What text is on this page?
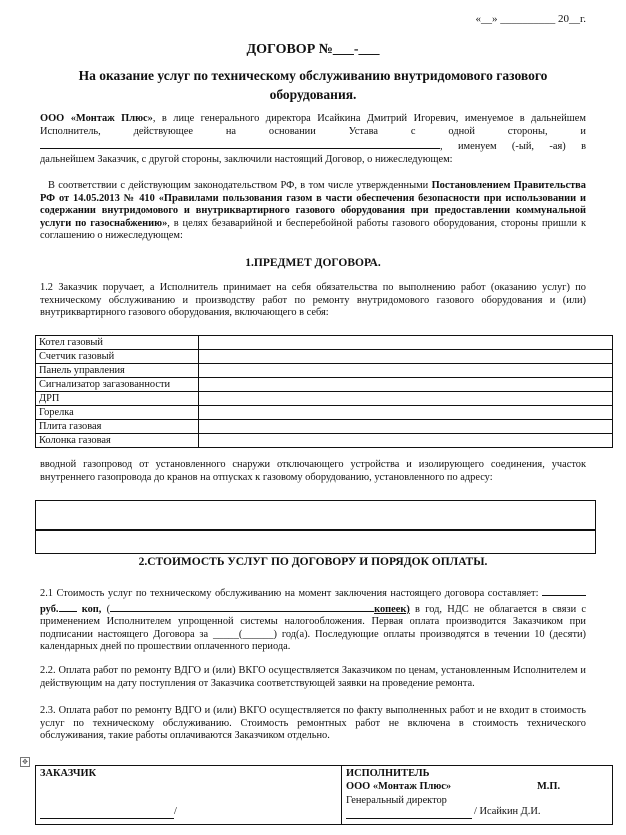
«__» __________ 20__г.
ДОГОВОР №___-___
На оказание услуг по техническому обслуживанию внутридомового газового оборудования.
ООО «Монтаж Плюс», в лице генерального директора Исайкина Дмитрий Игоревич, именуемое в дальнейшем Исполнитель, действующее на основании Устава с одной стороны, и , именуем (-ый, -ая) в дальнейшем Заказчик, с другой стороны, заключили настоящий Договор, о нижеследующем:
В соответствии с действующим законодательством РФ, в том числе утвержденными Постановлением Правительства РФ от 14.05.2013 № 410 «Правилами пользования газом в части обеспечения безопасности при использовании и содержании внутридомового и внутриквартирного газового оборудования при предоставлении коммунальной услуги по газоснабжению», в целях безаварийной и бесперебойной работы газового оборудования, стороны пришли к соглашению о нижеследующем:
1.ПРЕДМЕТ ДОГОВОРА.
1.2 Заказчик поручает, а Исполнитель принимает на себя обязательства по выполнению работ (оказанию услуг) по техническому обслуживанию и производству работ по ремонту внутридомового газового оборудования и (или) внутриквартирного газового оборудования, включающего в себя:
Котел газовый	
Счетчик газовый	
Панель управления	
Сигнализатор загазованности	
ДРП	
Горелка	
Плита газовая	
Колонка газовая	
вводной газопровод от установленного снаружи отключающего устройства и изолирующего соединения, участок внутреннего газопровода до кранов на отпусках к газовому оборудованию, установленного по адресу:
2.СТОИМОСТЬ УСЛУГ ПО ДОГОВОРУ И ПОРЯДОК ОПЛАТЫ.
2.1 Стоимость услуг по техническому обслуживанию на момент заключения настоящего договора составляет:  руб. коп, (	копеек) в год, НДС не облагается в связи с применением Исполнителем упрощенной системы налогообложения. Первая оплата производится Заказчиком при подписании настоящего Договора за _____(______) год(а). Последующие оплаты производятся в течении 10 (десяти) календарных дней по прошествии оплаченного периода.
2.2. Оплата работ по ремонту ВДГО и (или) ВКГО осуществляется Заказчиком по ценам, установленным Исполнителем и действующим на дату поступления от Заказчика соответствующей заявки на проведение ремонта.
2.3. Оплата работ по ремонту ВДГО и (или) ВКГО осуществляется по факту выполненных работ и не входит в стоимость услуг по техническому обслуживанию. Стоимость ремонтных работ не включена в стоимость технического обслуживания, такие работы оплачиваются Заказчиком отдельно.
✥
ЗАКАЗЧИК
/
ИСПОЛНИТЕЛЬ
ООО «Монтаж Плюс»	М.П.
Генеральный директор
/ Исайкин Д.И.
